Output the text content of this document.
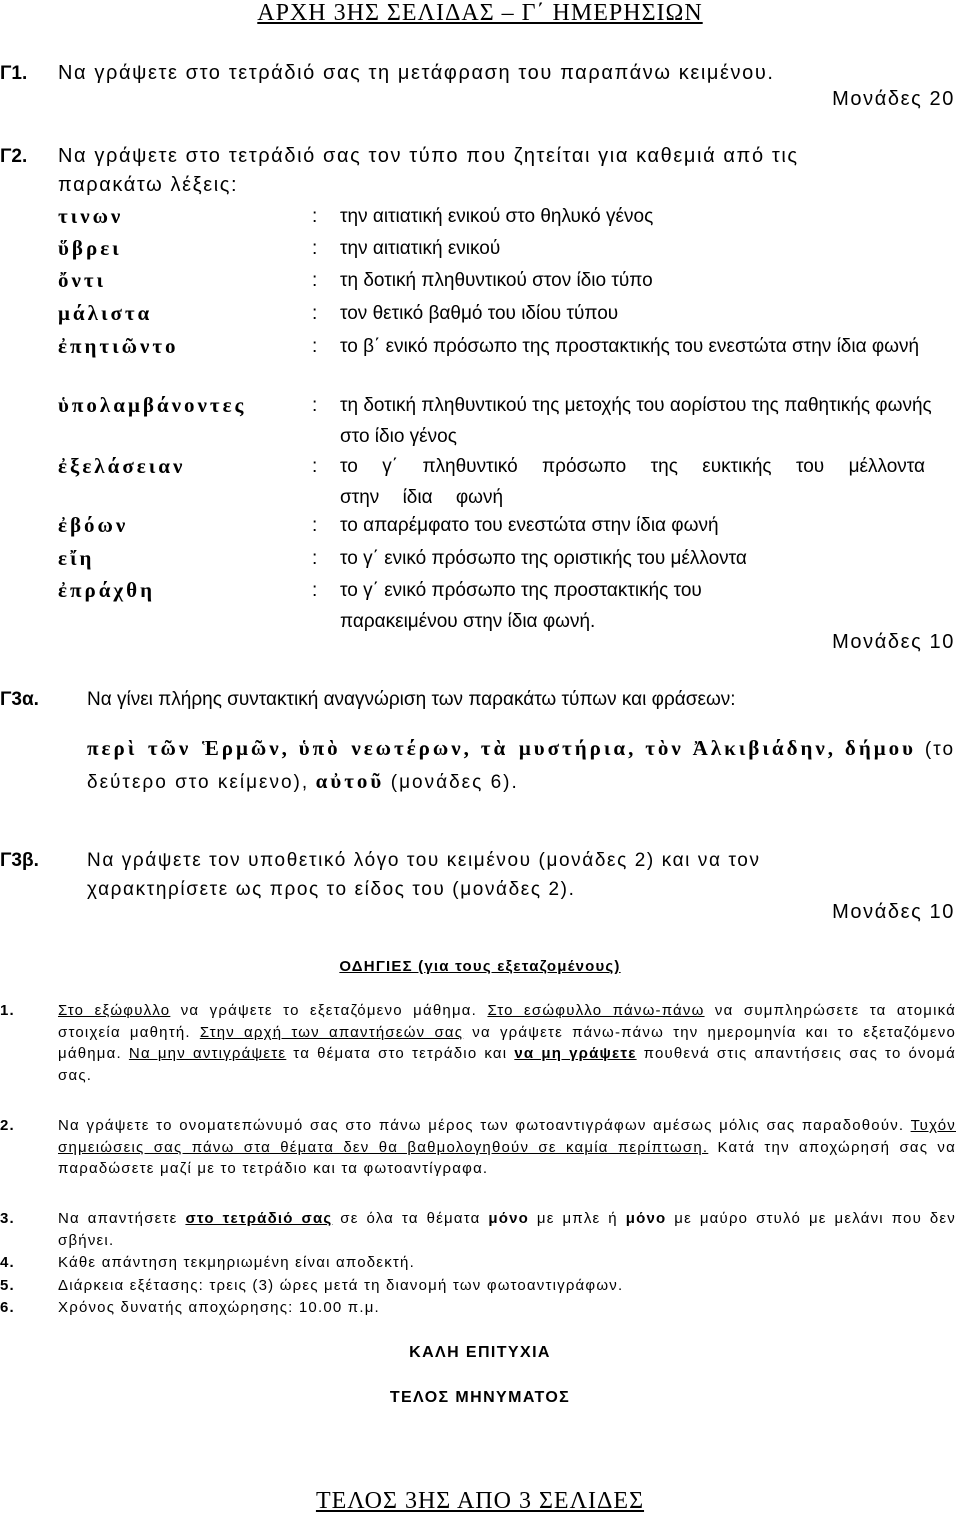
ΑΡΧΗ 3ΗΣ ΣΕΛΙΔΑΣ – Γ΄ ΗΜΕΡΗΣΙΩΝ
Γ1. Να γράψετε στο τετράδιό σας τη μετάφραση του παραπάνω κειμένου.
Μονάδες 20
Γ2. Να γράψετε στο τετράδιό σας τον τύπο που ζητείται για καθεμιά από τις
παρακάτω λέξεις:
τινων	: την αιτιατική ενικού στο θηλυκό γένος
ὕβρει	: την αιτιατική ενικού
ὄντι	: τη δοτική πληθυντικού στον ίδιο τύπο
μάλιστα	: τον θετικό βαθμό του ιδίου τύπου
ἐπητιῶντο	: το β΄ ενικό πρόσωπο της προστακτικής του ενεστώτα στην ίδια φωνή
ὑπολαμβάνοντες	: τη δοτική πληθυντικού της μετοχής του αορίστου της παθητικής φωνής στο ίδιο γένος
ἐξελάσειαν	: το γ΄ πληθυντικό πρόσωπο της ευκτικής του μέλλοντα στην ίδια φωνή
ἐβόων	: το απαρέμφατο του ενεστώτα στην ίδια φωνή
εἴη	: το γ΄ ενικό πρόσωπο της οριστικής του μέλλοντα
ἐπράχθη	: το γ΄ ενικό πρόσωπο της προστακτικής του παρακειμένου στην ίδια φωνή.
Μονάδες 10
Γ3α.	Να γίνει πλήρης συντακτική αναγνώριση των παρακάτω τύπων και φράσεων:
περὶ τῶν Ἑρμῶν, ὑπὸ νεωτέρων, τὰ μυστήρια, τὸν Ἀλκιβιάδην, δήμου (το δεύτερο στο κείμενο), αὐτοῦ (μονάδες 6).
Γ3β.	Να γράψετε τον υποθετικό λόγο του κειμένου (μονάδες 2) και να τον
χαρακτηρίσετε ως προς το είδος του (μονάδες 2).
Μονάδες 10
ΟΔΗΓΙΕΣ (για τους εξεταζομένους)
1.	Στο εξώφυλλο να γράψετε το εξεταζόμενο μάθημα. Στο εσώφυλλο πάνω-πάνω να συμπληρώσετε τα ατομικά στοιχεία μαθητή. Στην αρχή των απαντήσεών σας να γράψετε πάνω-πάνω την ημερομηνία και το εξεταζόμενο μάθημα. Να μην αντιγράψετε τα θέματα στο τετράδιο και να μη γράψετε πουθενά στις απαντήσεις σας το όνομά σας.
2.	Να γράψετε το ονοματεπώνυμό σας στο πάνω μέρος των φωτοαντιγράφων αμέσως μόλις σας παραδοθούν. Τυχόν σημειώσεις σας πάνω στα θέματα δεν θα βαθμολογηθούν σε καμία περίπτωση. Κατά την αποχώρησή σας να παραδώσετε μαζί με το τετράδιο και τα φωτοαντίγραφα.
3.	Να απαντήσετε στο τετράδιό σας σε όλα τα θέματα μόνο με μπλε ή μόνο με μαύρο στυλό με μελάνι που δεν σβήνει.
4.	Κάθε απάντηση τεκμηριωμένη είναι αποδεκτή.
5.	Διάρκεια εξέτασης: τρεις (3) ώρες μετά τη διανομή των φωτοαντιγράφων.
6.	Χρόνος δυνατής αποχώρησης: 10.00 π.μ.
ΚΑΛΗ ΕΠΙΤΥΧΙΑ
ΤΕΛΟΣ ΜΗΝΥΜΑΤΟΣ
ΤΕΛΟΣ 3ΗΣ ΑΠΟ 3 ΣΕΛΙΔΕΣ
